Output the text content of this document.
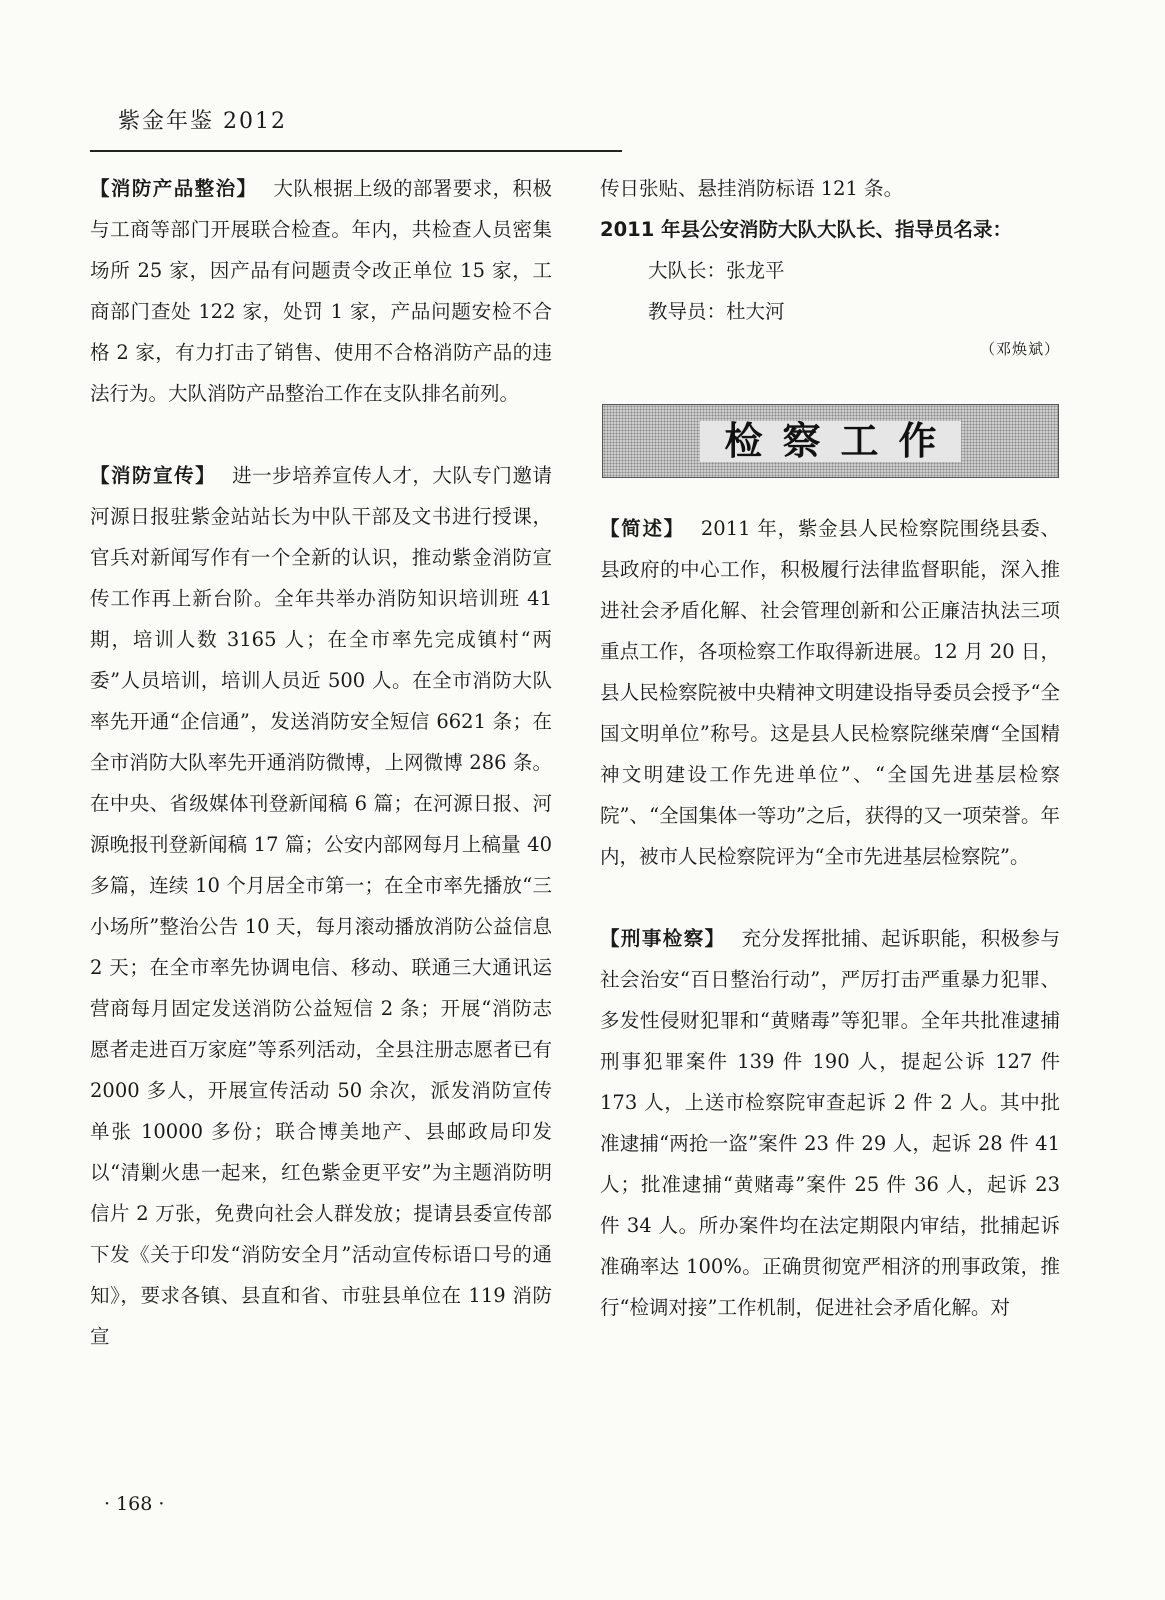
紫金年鉴 2012

【消防产品整治】 大队根据上级的部署要求，积极与工商等部门开展联合检查。年内，共检查人员密集场所 25 家，因产品有问题责令改正单位 15 家，工商部门查处 122 家，处罚 1 家，产品问题安检不合格 2 家，有力打击了销售、使用不合格消防产品的违法行为。大队消防产品整治工作在支队排名前列。

【消防宣传】 进一步培养宣传人才，大队专门邀请河源日报驻紫金站站长为中队干部及文书进行授课，官兵对新闻写作有一个全新的认识，推动紫金消防宣传工作再上新台阶。全年共举办消防知识培训班 41 期，培训人数 3165 人；在全市率先完成镇村“两委”人员培训，培训人员近 500 人。在全市消防大队率先开通“企信通”，发送消防安全短信 6621 条；在全市消防大队率先开通消防微博，上网微博 286 条。在中央、省级媒体刊登新闻稿 6 篇；在河源日报、河源晚报刊登新闻稿 17 篇；公安内部网每月上稿量 40 多篇，连续 10 个月居全市第一；在全市率先播放“三小场所”整治公告 10 天，每月滚动播放消防公益信息 2 天；在全市率先协调电信、移动、联通三大通讯运营商每月固定发送消防公益短信 2 条；开展“消防志愿者走进百万家庭”等系列活动，全县注册志愿者已有 2000 多人，开展宣传活动 50 余次，派发消防宣传单张 10000 多份；联合博美地产、县邮政局印发以“清剿火患一起来，红色紫金更平安”为主题消防明信片 2 万张，免费向社会人群发放；提请县委宣传部下发《关于印发“消防安全月”活动宣传标语口号的通知》，要求各镇、县直和省、市驻县单位在 119 消防宣

传日张贴、悬挂消防标语 121 条。

2011 年县公安消防大队大队长、指导员名录：

大队长：张龙平

教导员：杜大河

（邓焕斌）

检察工作

【简述】 2011 年，紫金县人民检察院围绕县委、县政府的中心工作，积极履行法律监督职能，深入推进社会矛盾化解、社会管理创新和公正廉洁执法三项重点工作，各项检察工作取得新进展。12 月 20 日，县人民检察院被中央精神文明建设指导委员会授予“全国文明单位”称号。这是县人民检察院继荣膺“全国精神文明建设工作先进单位”、“全国先进基层检察院”、“全国集体一等功”之后，获得的又一项荣誉。年内，被市人民检察院评为“全市先进基层检察院”。

【刑事检察】 充分发挥批捕、起诉职能，积极参与社会治安“百日整治行动”，严厉打击严重暴力犯罪、多发性侵财犯罪和“黄赌毒”等犯罪。全年共批准逮捕刑事犯罪案件 139 件 190 人，提起公诉 127 件 173 人，上送市检察院审查起诉 2 件 2 人。其中批准逮捕“两抢一盗”案件 23 件 29 人，起诉 28 件 41 人；批准逮捕“黄赌毒”案件 25 件 36 人，起诉 23 件 34 人。所办案件均在法定期限内审结，批捕起诉准确率达 100%。正确贯彻宽严相济的刑事政策，推行“检调对接”工作机制，促进社会矛盾化解。对

· 168 ·
